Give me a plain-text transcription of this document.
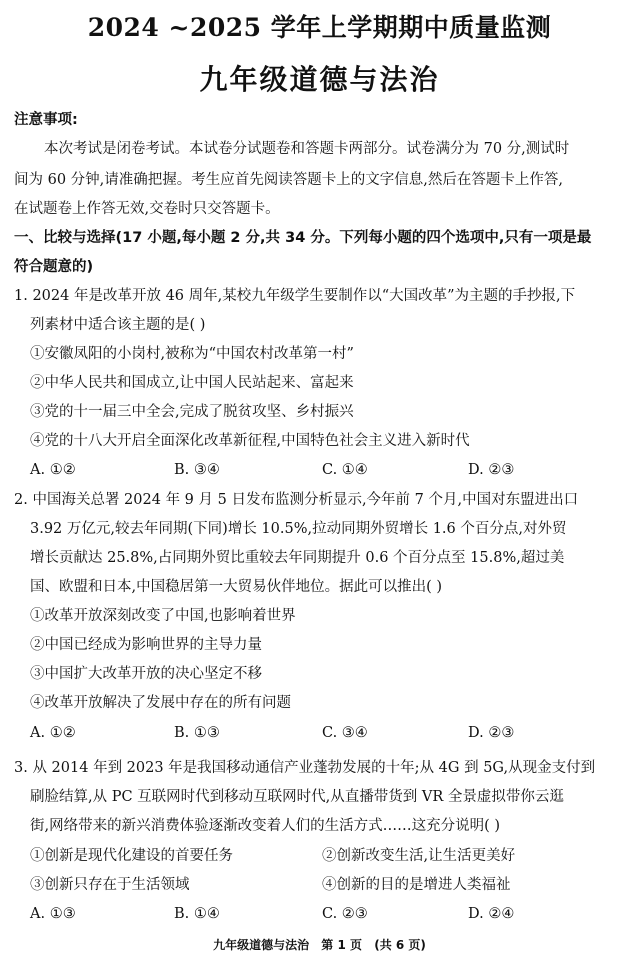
2024 ~2025 学年上学期期中质量监测
九年级道德与法治
注意事项:
本次考试是闭卷考试。本试卷分试题卷和答题卡两部分。试卷满分为 70 分,测试时
间为 60 分钟,请准确把握。考生应首先阅读答题卡上的文字信息,然后在答题卡上作答,
在试题卷上作答无效,交卷时只交答题卡。
一、比较与选择(17 小题,每小题 2 分,共 34 分。下列每小题的四个选项中,只有一项是最
符合题意的)
1. 2024 年是改革开放 46 周年,某校九年级学生要制作以“大国改革”为主题的手抄报,下
列素材中适合该主题的是( )
①安徽凤阳的小岗村,被称为“中国农村改革第一村”
②中华人民共和国成立,让中国人民站起来、富起来
③党的十一届三中全会,完成了脱贫攻坚、乡村振兴
④党的十八大开启全面深化改革新征程,中国特色社会主义进入新时代
A. ①②	B. ③④	C. ①④	D. ②③
2. 中国海关总署 2024 年 9 月 5 日发布监测分析显示,今年前 7 个月,中国对东盟进出口
3.92 万亿元,较去年同期(下同)增长 10.5%,拉动同期外贸增长 1.6 个百分点,对外贸
增长贡献达 25.8%,占同期外贸比重较去年同期提升 0.6 个百分点至 15.8%,超过美
国、欧盟和日本,中国稳居第一大贸易伙伴地位。据此可以推出( )
①改革开放深刻改变了中国,也影响着世界
②中国已经成为影响世界的主导力量
③中国扩大改革开放的决心坚定不移
④改革开放解决了发展中存在的所有问题
A. ①②	B. ①③	C. ③④	D. ②③
3. 从 2014 年到 2023 年是我国移动通信产业蓬勃发展的十年;从 4G 到 5G,从现金支付到
刷脸结算,从 PC 互联网时代到移动互联网时代,从直播带货到 VR 全景虚拟带你云逛
街,网络带来的新兴消费体验逐渐改变着人们的生活方式……这充分说明( )
①创新是现代化建设的首要任务	②创新改变生活,让生活更美好
③创新只存在于生活领域	④创新的目的是增进人类福祉
A. ①③	B. ①④	C. ②③	D. ②④
九年级道德与法治 第 1 页 (共 6 页)
